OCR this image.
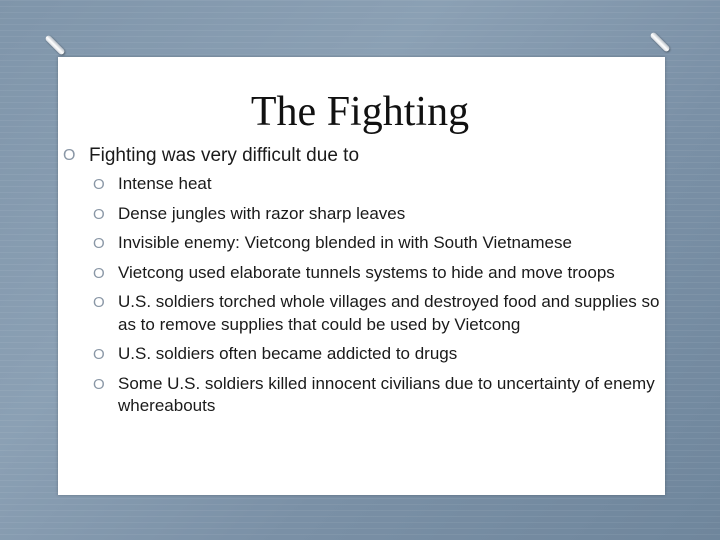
The Fighting
O Fighting was very difficult due to
O Intense heat
O Dense jungles with razor sharp leaves
O Invisible enemy: Vietcong blended in with South Vietnamese
O Vietcong used elaborate tunnels systems to hide and move troops
O U.S. soldiers torched whole villages and destroyed food and supplies so as to remove supplies that could be used by Vietcong
O U.S. soldiers often became addicted to drugs
O Some U.S. soldiers killed innocent civilians due to uncertainty of enemy whereabouts
